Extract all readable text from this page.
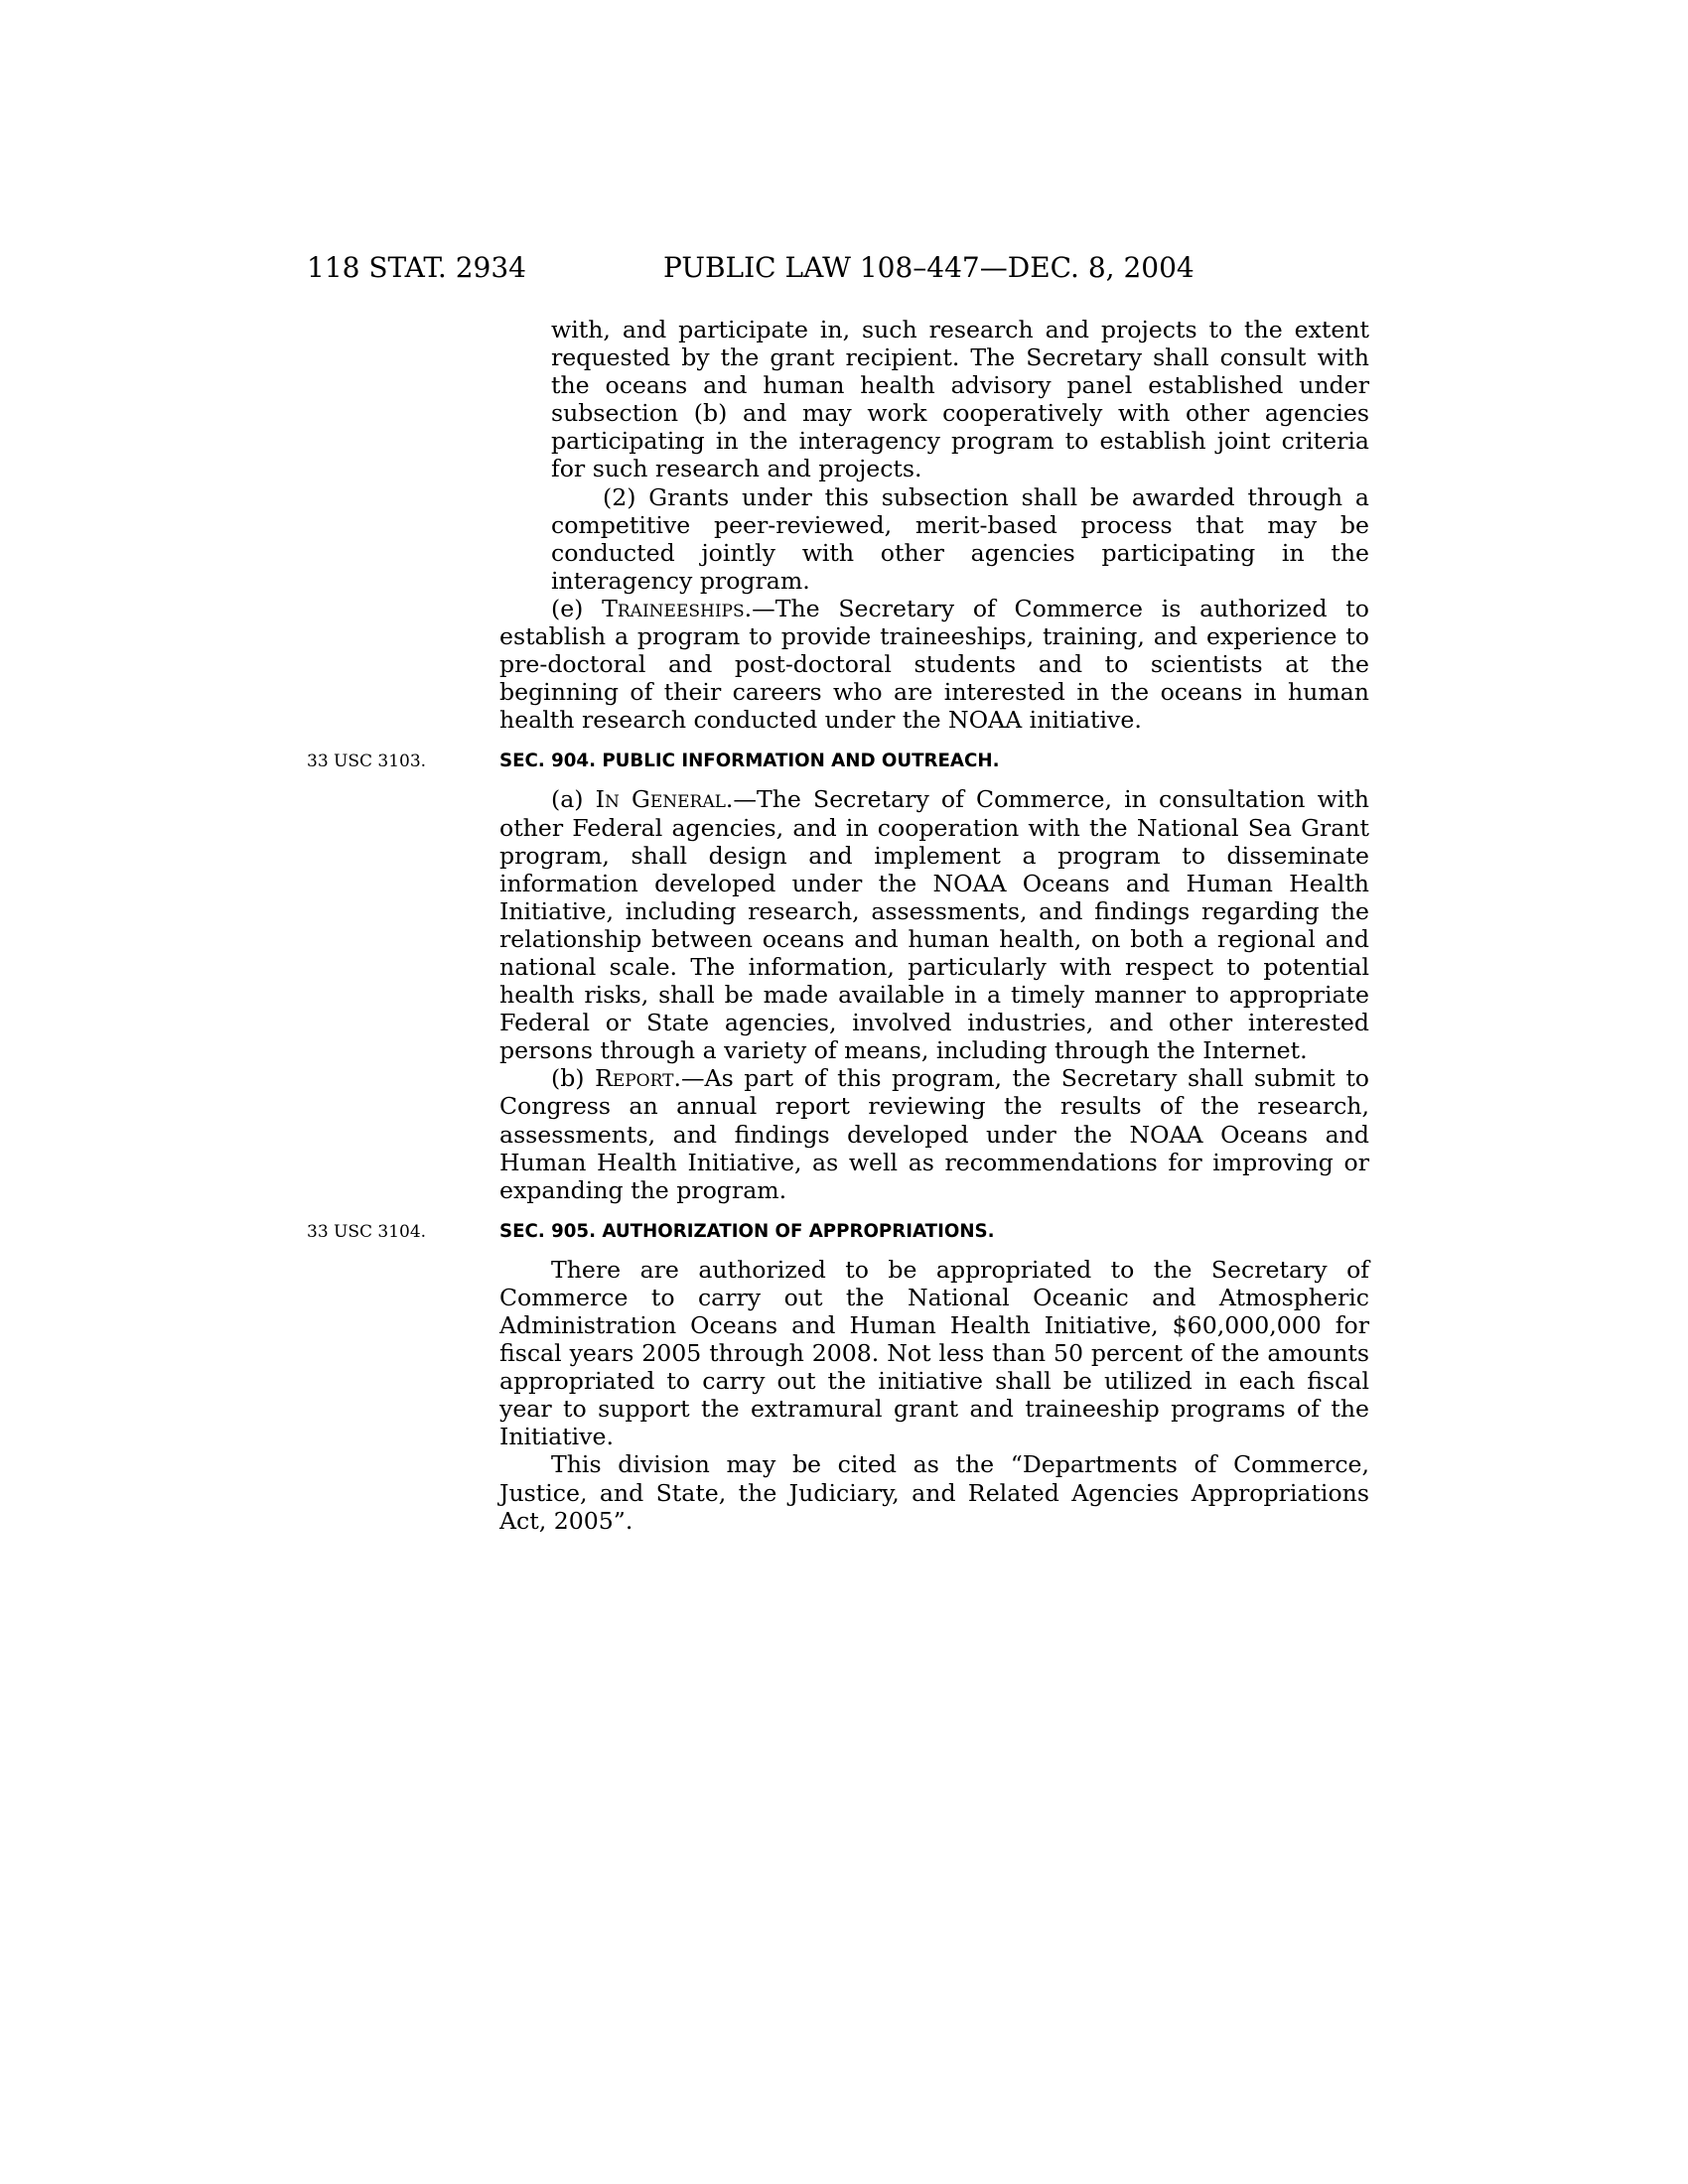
118 STAT. 2934	PUBLIC LAW 108–447—DEC. 8, 2004

with, and participate in, such research and projects to the extent requested by the grant recipient. The Secretary shall consult with the oceans and human health advisory panel established under subsection (b) and may work cooperatively with other agencies participating in the interagency program to establish joint criteria for such research and projects.

(2) Grants under this subsection shall be awarded through a competitive peer-reviewed, merit-based process that may be conducted jointly with other agencies participating in the interagency program.

(e) Traineeships.—The Secretary of Commerce is authorized to establish a program to provide traineeships, training, and experience to pre-doctoral and post-doctoral students and to scientists at the beginning of their careers who are interested in the oceans in human health research conducted under the NOAA initiative.

33 USC 3103.	SEC. 904. PUBLIC INFORMATION AND OUTREACH.

(a) In General.—The Secretary of Commerce, in consultation with other Federal agencies, and in cooperation with the National Sea Grant program, shall design and implement a program to disseminate information developed under the NOAA Oceans and Human Health Initiative, including research, assessments, and findings regarding the relationship between oceans and human health, on both a regional and national scale. The information, particularly with respect to potential health risks, shall be made available in a timely manner to appropriate Federal or State agencies, involved industries, and other interested persons through a variety of means, including through the Internet.

(b) Report.—As part of this program, the Secretary shall submit to Congress an annual report reviewing the results of the research, assessments, and findings developed under the NOAA Oceans and Human Health Initiative, as well as recommendations for improving or expanding the program.

33 USC 3104.	SEC. 905. AUTHORIZATION OF APPROPRIATIONS.

There are authorized to be appropriated to the Secretary of Commerce to carry out the National Oceanic and Atmospheric Administration Oceans and Human Health Initiative, $60,000,000 for fiscal years 2005 through 2008. Not less than 50 percent of the amounts appropriated to carry out the initiative shall be utilized in each fiscal year to support the extramural grant and traineeship programs of the Initiative.

This division may be cited as the “Departments of Commerce, Justice, and State, the Judiciary, and Related Agencies Appropriations Act, 2005”.
